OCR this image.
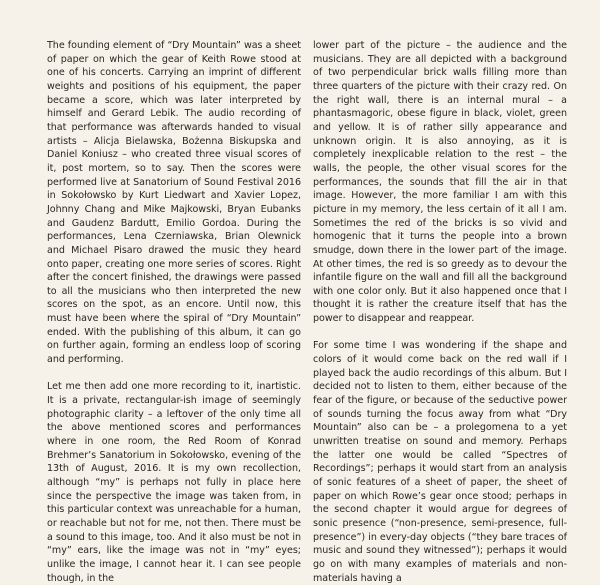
The founding element of “Dry Mountain” was a sheet of paper on which the gear of Keith Rowe stood at one of his concerts. Carrying an imprint of different weights and positions of his equipment, the paper became a score, which was later interpreted by himself and Gerard Lebik. The audio recording of that performance was afterwards handed to visual artists – Alicja Bielawska, Bożenna Biskupska and Daniel Koniusz – who created three visual scores of it, post mortem, so to say. Then the scores were performed live at Sanatorium of Sound Festival 2016 in Sokołowsko by Kurt Liedwart and Xavier Lopez, Johnny Chang and Mike Majkowski, Bryan Eubanks and Gaudenz Bardutt, Emilio Gordoa. During the performances, Lena Czerniawska, Brian Olewnick and Michael Pisaro drawed the music they heard onto paper, creating one more series of scores. Right after the concert finished, the drawings were passed to all the musicians who then interpreted the new scores on the spot, as an encore. Until now, this must have been where the spiral of “Dry Mountain” ended. With the publishing of this album, it can go on further again, forming an endless loop of scoring and performing.

Let me then add one more recording to it, inartistic. It is a private, rectangular-ish image of seemingly photographic clarity – a leftover of the only time all the above mentioned scores and performances where in one room, the Red Room of Konrad Brehmer’s Sanatorium in Sokołowsko, evening of the 13th of August, 2016. It is my own recollection, although “my” is perhaps not fully in place here since the perspective the image was taken from, in this particular context was unreachable for a human, or reachable but not for me, not then. There must be a sound to this image, too. And it also must be not in “my” ears, like the image was not in “my” eyes; unlike the image, I cannot hear it. I can see people though, in the

lower part of the picture – the audience and the musicians. They are all depicted with a background of two perpendicular brick walls filling more than three quarters of the picture with their crazy red. On the right wall, there is an internal mural – a phantasmagoric, obese figure in black, violet, green and yellow. It is of rather silly appearance and unknown origin. It is also annoying, as it is completely inexplicable relation to the rest – the walls, the people, the other visual scores for the performances, the sounds that fill the air in that image. However, the more familiar I am with this picture in my memory, the less certain of it all I am. Sometimes the red of the bricks is so vivid and homogenic that it turns the people into a brown smudge, down there in the lower part of the image. At other times, the red is so greedy as to devour the infantile figure on the wall and fill all the background with one color only. But it also happened once that I thought it is rather the creature itself that has the power to disappear and reappear.

For some time I was wondering if the shape and colors of it would come back on the red wall if I played back the audio recordings of this album. But I decided not to listen to them, either because of the fear of the figure, or because of the seductive power of sounds turning the focus away from what “Dry Mountain” also can be – a prolegomena to a yet unwritten treatise on sound and memory. Perhaps the latter one would be called “Spectres of Recordings”; perhaps it would start from an analysis of sonic features of a sheet of paper, the sheet of paper on which Rowe’s gear once stood; perhaps in the second chapter it would argue for degrees of sonic presence (“non-presence, semi-presence, full-presence”) in every-day objects (“they bare traces of music and sound they witnessed”); perhaps it would go on with many examples of materials and non-materials having a
